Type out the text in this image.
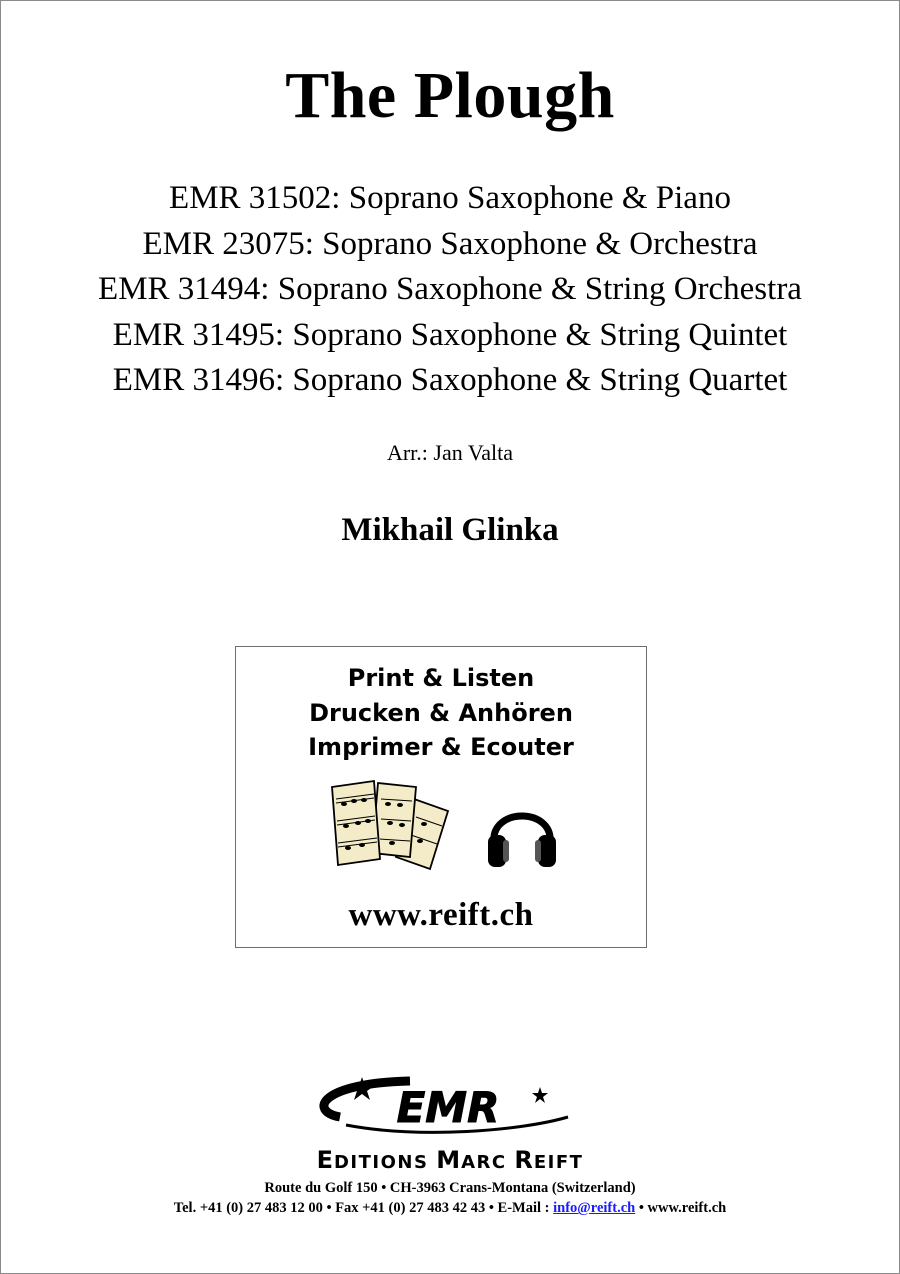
The Plough
EMR 31502: Soprano Saxophone & Piano
EMR 23075: Soprano Saxophone & Orchestra
EMR 31494: Soprano Saxophone & String Orchestra
EMR 31495: Soprano Saxophone & String Quintet
EMR 31496: Soprano Saxophone & String Quartet
Arr.: Jan Valta
Mikhail Glinka
Print & Listen
Drucken & Anhören
Imprimer & Ecouter
www.reift.ch
EMR
EDITIONS MARC REIFT
Route du Golf 150 • CH-3963 Crans-Montana (Switzerland)
Tel. +41 (0) 27 483 12 00 • Fax +41 (0) 27 483 42 43 • E-Mail : info@reift.ch • www.reift.ch
